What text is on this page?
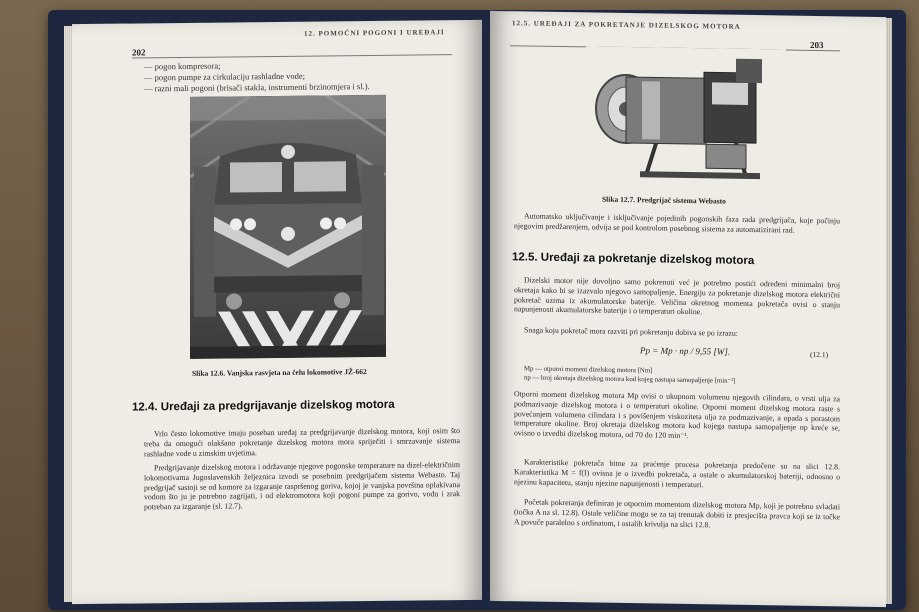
12. POMOĆNI POGONI I UREĐAJI
202
— pogon kompresora;
— pogon pumpe za cirkulaciju rashladne vode;
— razni mali pogoni (brisači stakla, instrumenti brzinomjera i sl.).
Slika 12.6. Vanjska rasvjeta na čelu lokomotive JŽ-662
12.4. Uređaji za predgrijavanje dizelskog motora
Vrlo često lokomotive imaju poseban uređaj za predgrijavanje dizelskog motora, koji osim što treba da omogući olakšano pokretanje dizelskog motora mora spriječiti i smrzavanje sistema rashladne vode u zimskim uvjetima.
Predgrijavanje dizelskog motora i održavanje njegove pogonske temperature na dizel-električnim lokomotivama Jugoslavenskih željeznica izvodi se posebnim predgrijačem sistema Webasto. Taj predgrijač sastoji se od komore za izgaranje raspršenog goriva, kojoj je vanjska površina oplakivana vodom što ju je potrebno zagrijati, i od elektromotora koji pogoni pumpe za gorivo, vodu i zrak potreban za izgaranje (sl. 12.7).
12.5. UREĐAJI ZA POKRETANJE DIZELSKOG MOTORA
203
Slika 12.7. Predgrijač sistema Webasto
Automatsko uključivanje i isključivanje pojedinih pogonskih faza rada predgrijača, koje počinju njegovim predžarenjem, odvija se pod kontrolom posebnog sistema za automatizirani rad.
12.5. Uređaji za pokretanje dizelskog motora
Dizelski motor nije dovoljno samo pokrenuti već je potrebno postići određeni minimalni broj okretaja kako bi se izazvalo njegovo samopaljenje. Energiju za pokretanje dizelskog motora električni pokretač uzima iz akumulatorske baterije. Veličina okretnog momenta pokretača ovisi o stanju napunjenosti akumulatorske baterije i o temperaturi okoline.
Snaga koju pokretač mora razviti pri pokretanju dobiva se po izrazu:
Pp = Mp · np / 9,55 [W].	(12.1)
Mp — otporni moment dizelskog motora [Nm]
np — broj okretaja dizelskog motora kod kojeg nastupa samopaljenje [min⁻¹]
Otporni moment dizelskog motora Mp ovisi o ukupnom volumenu njegovih cilindara, o vrsti ulja za podmazivanje dizelskog motora i o temperaturi okoline. Otporni moment dizelskog motora raste s povećanjem volumena cilindara i s povišenjem viskoziteta ulja za podmazivanje, a opada s porastom temperature okoline. Broj okretaja dizelskog motora kod kojega nastupa samopaljenje np kreće se, ovisno o izvedbi dizelskog motora, od 70 do 120 min⁻¹.
Karakteristike pokretača bitne za praćenje procesa pokretanja predočene su na slici 12.8. Karakteristika M = f(I) ovisna je o izvedbi pokretača, a ostale o akumulatorskoj bateriji, odnosno o njezinu kapacitetu, stanju njezine napunjenosti i temperaturi.
Početak pokretanja definiran je otpornim momentom dizelskog motora Mp, koji je potrebno svladati (točka A na sl. 12.8). Ostale veličine mogu se za taj trenutak dobiti iz presjecišta pravca koji se iz točke A povuče paralelno s ordinatom, i ostalih krivulja na slici 12.8.
